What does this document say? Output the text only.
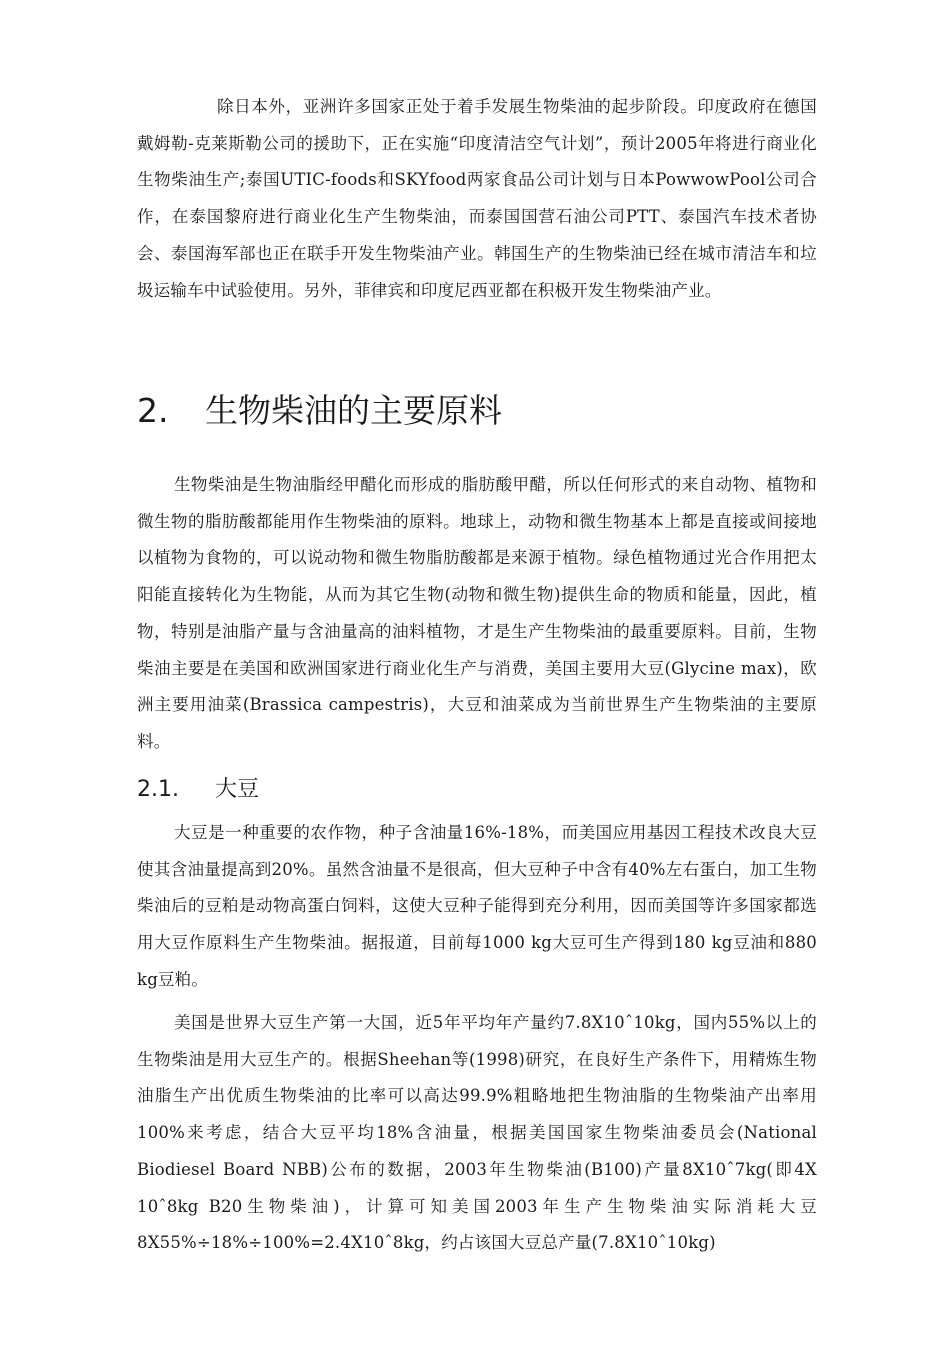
除日本外，亚洲许多国家正处于着手发展生物柴油的起步阶段。印度政府在德国戴姆勒-克莱斯勒公司的援助下，正在实施“印度清洁空气计划”，预计2005年将进行商业化生物柴油生产;泰国UTIC-foods和SKYfood两家食品公司计划与日本PowwowPool公司合作，在泰国黎府进行商业化生产生物柴油，而泰国国营石油公司PTT、泰国汽车技术者协会、泰国海军部也正在联手开发生物柴油产业。韩国生产的生物柴油已经在城市清洁车和垃圾运输车中试验使用。另外，菲律宾和印度尼西亚都在积极开发生物柴油产业。

2. 生物柴油的主要原料

生物柴油是生物油脂经甲醋化而形成的脂肪酸甲醋，所以任何形式的来自动物、植物和微生物的脂肪酸都能用作生物柴油的原料。地球上，动物和微生物基本上都是直接或间接地以植物为食物的，可以说动物和微生物脂肪酸都是来源于植物。绿色植物通过光合作用把太阳能直接转化为生物能，从而为其它生物(动物和微生物)提供生命的物质和能量，因此，植物，特别是油脂产量与含油量高的油料植物，才是生产生物柴油的最重要原料。目前，生物柴油主要是在美国和欧洲国家进行商业化生产与消费，美国主要用大豆(Glycine max)，欧洲主要用油菜(Brassica campestris)，大豆和油菜成为当前世界生产生物柴油的主要原料。

2.1. 大豆

大豆是一种重要的农作物，种子含油量16%-18%，而美国应用基因工程技术改良大豆使其含油量提高到20%。虽然含油量不是很高，但大豆种子中含有40%左右蛋白，加工生物柴油后的豆粕是动物高蛋白饲料，这使大豆种子能得到充分利用，因而美国等许多国家都选用大豆作原料生产生物柴油。据报道，目前每1000 kg大豆可生产得到180 kg豆油和880 kg豆粕。

美国是世界大豆生产第一大国，近5年平均年产量约7.8X10ˆ10kg，国内55%以上的生物柴油是用大豆生产的。根据Sheehan等(1998)研究，在良好生产条件下，用精炼生物油脂生产出优质生物柴油的比率可以高达99.9%粗略地把生物油脂的生物柴油产出率用100%来考虑，结合大豆平均18%含油量，根据美国国家生物柴油委员会(National Biodiesel Board NBB)公布的数据，2003年生物柴油(B100)产量8X10ˆ7kg(即4X 10ˆ8kg B20生物柴油)，计算可知美国2003年生产生物柴油实际消耗大豆8X55%÷18%÷100%=2.4X10ˆ8kg，约占该国大豆总产量(7.8X10ˆ10kg)
